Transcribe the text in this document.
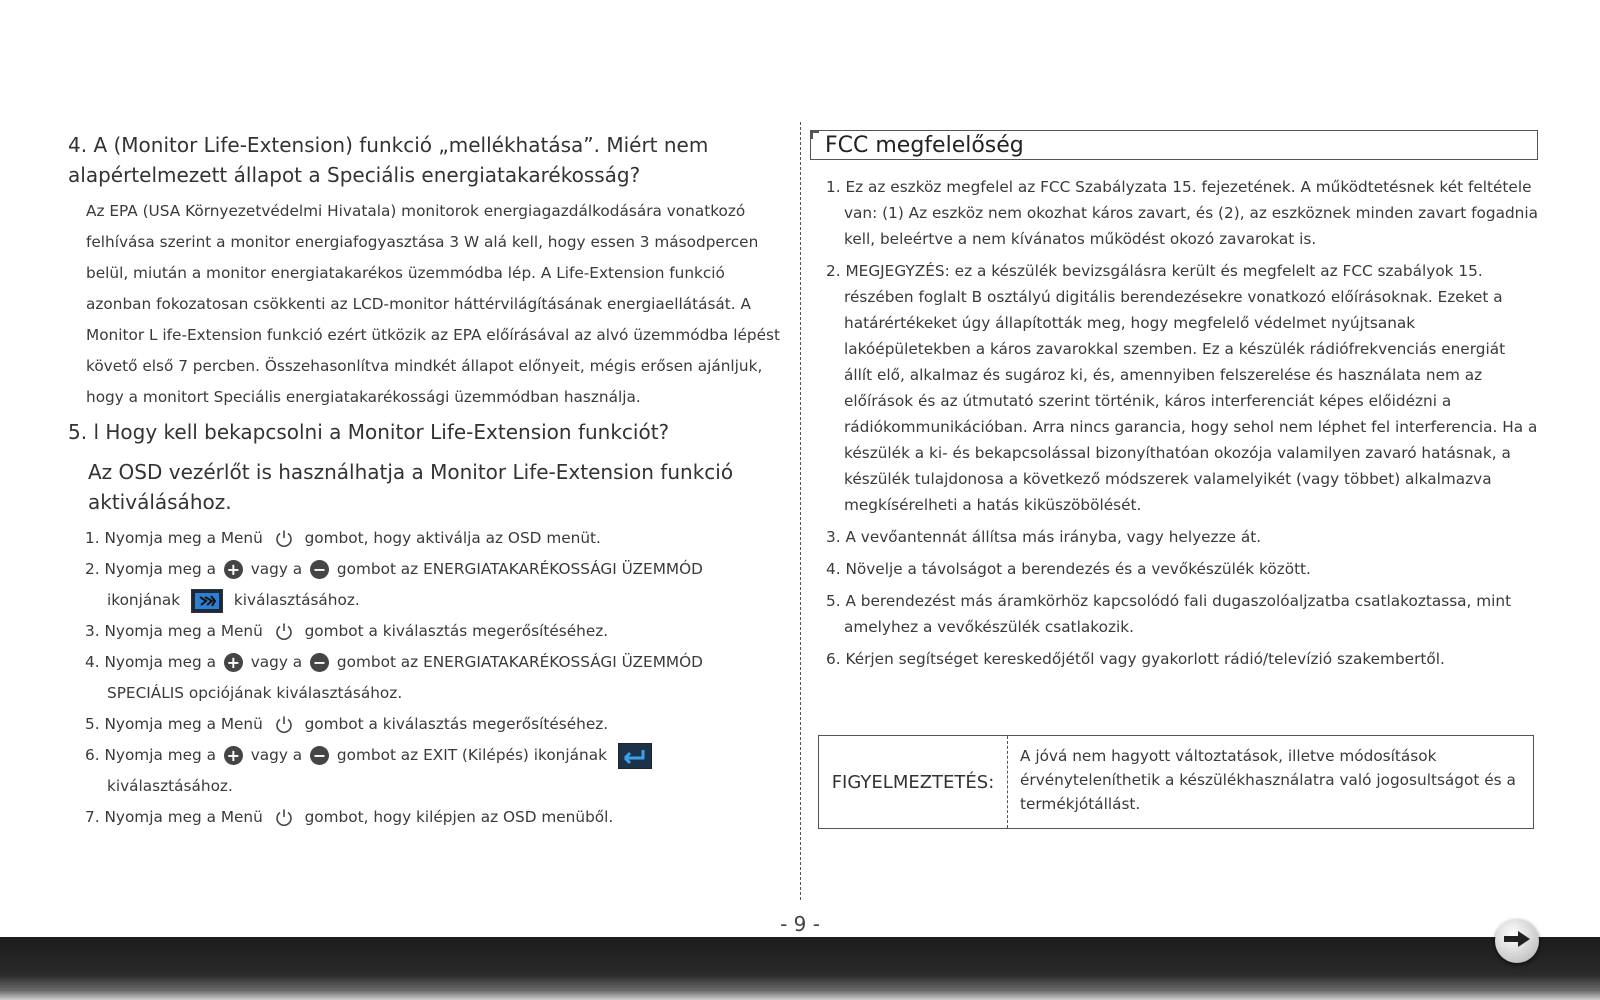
4. A (Monitor Life-Extension) funkció „mellékhatása”. Miért nem
alapértelmezett állapot a Speciális energiatakarékosság?

Az EPA (USA Környezetvédelmi Hivatala) monitorok energiagazdálkodására vonatkozó felhívása szerint a monitor energiafogyasztása 3 W alá kell, hogy essen 3 másodpercen belül, miután a monitor energiatakarékos üzemmódba lép. A Life-Extension funkció azonban fokozatosan csökkenti az LCD-monitor háttérvilágításának energiaellátását. A Monitor L ife-Extension funkció ezért ütközik az EPA előírásával az alvó üzemmódba lépést követő első 7 percben. Összehasonlítva mindkét állapot előnyeit, mégis erősen ajánljuk, hogy a monitort Speciális energiatakarékossági üzemmódban használja.

5. l Hogy kell bekapcsolni a Monitor Life-Extension funkciót?

Az OSD vezérlőt is használhatja a Monitor Life-Extension funkció aktiválásához.

1. Nyomja meg a Menü	gombot, hogy aktiválja az OSD menüt.
2. Nyomja meg a + vagy a − gombot az ENERGIATAKARÉKOSSÁGI ÜZEMMÓD
ikonjának	kiválasztásához.
3. Nyomja meg a Menü	gombot a kiválasztás megerősítéséhez.
4. Nyomja meg a + vagy a − gombot az ENERGIATAKARÉKOSSÁGI ÜZEMMÓD
SPECIÁLIS opciójának kiválasztásához.
5. Nyomja meg a Menü	gombot a kiválasztás megerősítéséhez.
6. Nyomja meg a + vagy a − gombot az EXIT (Kilépés) ikonjának  kiválasztásához.
7. Nyomja meg a Menü	gombot, hogy kilépjen az OSD menüből.
FCC megfelelőség
1. Ez az eszköz megfelel az FCC Szabályzata 15. fejezetének. A működtetésnek két feltétele van: (1) Az eszköz nem okozhat káros zavart, és (2), az eszköznek minden zavart fogadnia kell, beleértve a nem kívánatos működést okozó zavarokat is.
2. MEGJEGYZÉS: ez a készülék bevizsgálásra került és megfelelt az FCC szabályok 15. részében foglalt B osztályú digitális berendezésekre vonatkozó előírásoknak. Ezeket a határértékeket úgy állapították meg, hogy megfelelő védelmet nyújtsanak lakóépületekben a káros zavarokkal szemben. Ez a készülék rádiófrekvenciás energiát állít elő, alkalmaz és sugároz ki, és, amennyiben felszerelése és használata nem az előírások és az útmutató szerint történik, káros interferenciát képes előidézni a rádiókommunikációban. Arra nincs garancia, hogy sehol nem léphet fel interferencia. Ha a készülék a ki- és bekapcsolással bizonyíthatóan okozója valamilyen zavaró hatásnak, a készülék tulajdonosa a következő módszerek valamelyikét (vagy többet) alkalmazva megkísérelheti a hatás kiküszöbölését.
3. A vevőantennát állítsa más irányba, vagy helyezze át.
4. Növelje a távolságot a berendezés és a vevőkészülék között.
5. A berendezést más áramkörhöz kapcsolódó fali dugaszolóaljzatba csatlakoztassa, mint amelyhez a vevőkészülék csatlakozik.
6. Kérjen segítséget kereskedőjétől vagy gyakorlott rádió/televízió szakembertől.
FIGYELMEZTETÉS:
A jóvá nem hagyott változtatások, illetve módosítások érvényteleníthetik a készülékhasználatra való jogosultságot és a termékjótállást.
- 9 -
